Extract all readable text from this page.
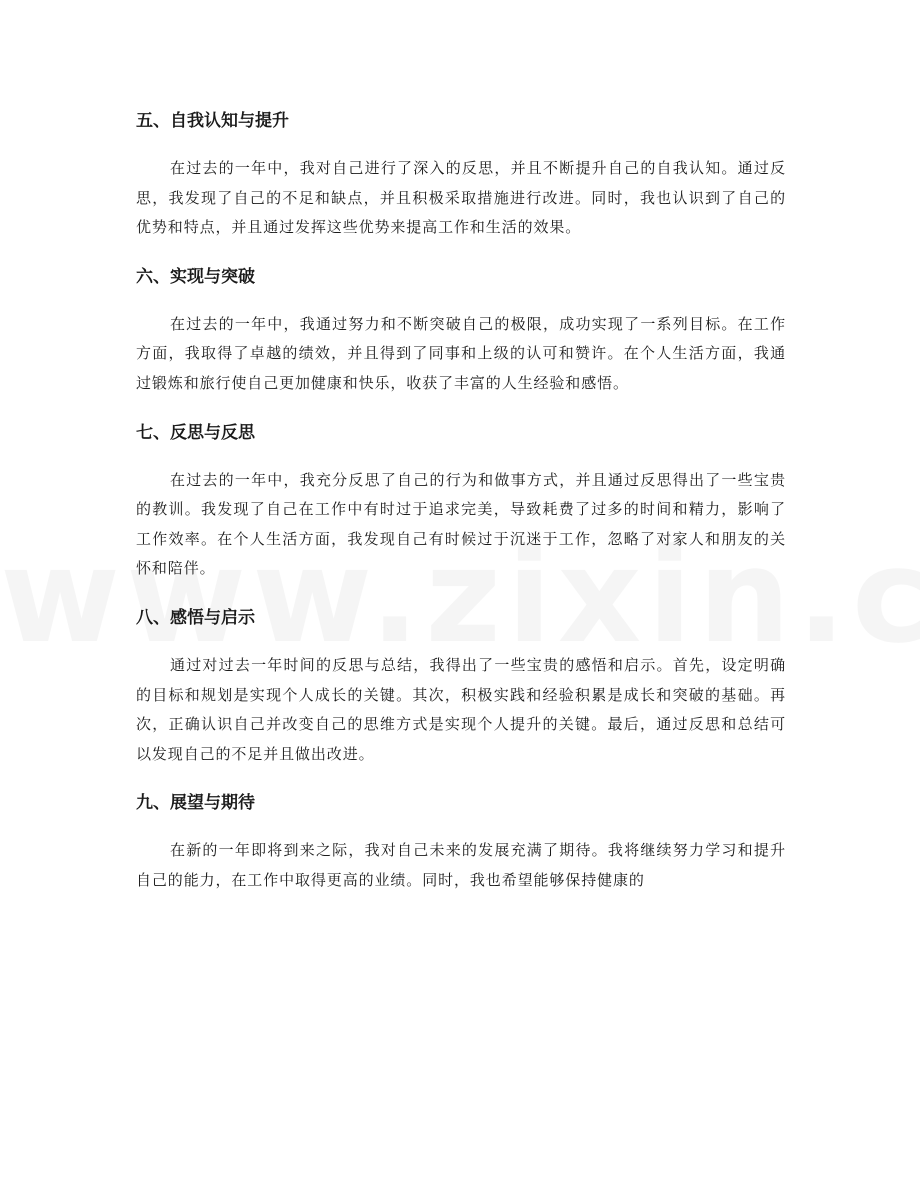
五、自我认知与提升

在过去的一年中，我对自己进行了深入的反思，并且不断提升自己的自我认知。通过反思，我发现了自己的不足和缺点，并且积极采取措施进行改进。同时，我也认识到了自己的优势和特点，并且通过发挥这些优势来提高工作和生活的效果。

六、实现与突破

在过去的一年中，我通过努力和不断突破自己的极限，成功实现了一系列目标。在工作方面，我取得了卓越的绩效，并且得到了同事和上级的认可和赞许。在个人生活方面，我通过锻炼和旅行使自己更加健康和快乐，收获了丰富的人生经验和感悟。

七、反思与反思

在过去的一年中，我充分反思了自己的行为和做事方式，并且通过反思得出了一些宝贵的教训。我发现了自己在工作中有时过于追求完美，导致耗费了过多的时间和精力，影响了工作效率。在个人生活方面，我发现自己有时候过于沉迷于工作，忽略了对家人和朋友的关怀和陪伴。

八、感悟与启示

通过对过去一年时间的反思与总结，我得出了一些宝贵的感悟和启示。首先，设定明确的目标和规划是实现个人成长的关键。其次，积极实践和经验积累是成长和突破的基础。再次，正确认识自己并改变自己的思维方式是实现个人提升的关键。最后，通过反思和总结可以发现自己的不足并且做出改进。

九、展望与期待

在新的一年即将到来之际，我对自己未来的发展充满了期待。我将继续努力学习和提升自己的能力，在工作中取得更高的业绩。同时，我也希望能够保持健康的
